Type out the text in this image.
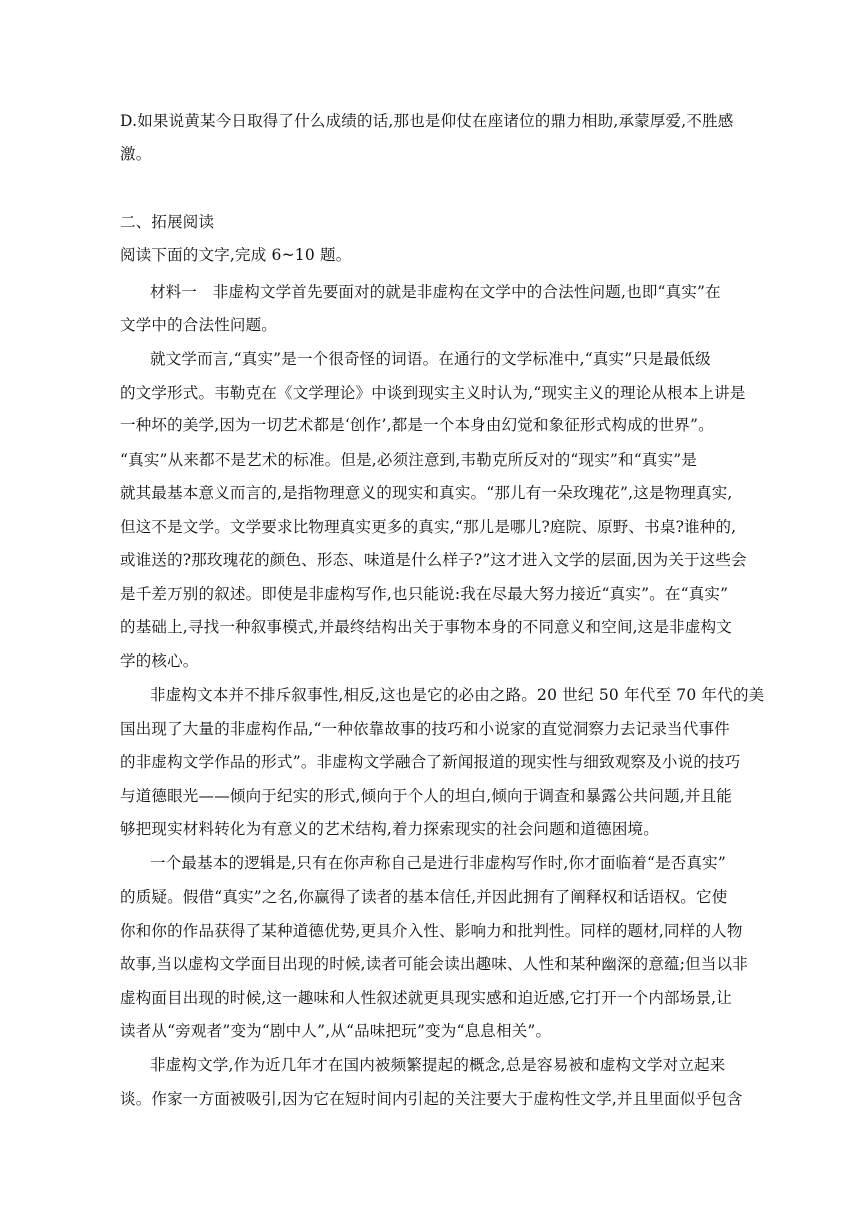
D.如果说黄某今日取得了什么成绩的话,那也是仰仗在座诸位的鼎力相助,承蒙厚爱,不胜感
激。
二、拓展阅读
阅读下面的文字,完成 6~10 题。
材料一　非虚构文学首先要面对的就是非虚构在文学中的合法性问题,也即“真实”在
文学中的合法性问题。
就文学而言,“真实”是一个很奇怪的词语。在通行的文学标准中,“真实”只是最低级
的文学形式。韦勒克在《文学理论》中谈到现实主义时认为,“现实主义的理论从根本上讲是
一种坏的美学,因为一切艺术都是‘创作’,都是一个本身由幻觉和象征形式构成的世界”。
“真实”从来都不是艺术的标准。但是,必须注意到,韦勒克所反对的“现实”和“真实”是
就其最基本意义而言的,是指物理意义的现实和真实。“那儿有一朵玫瑰花”,这是物理真实,
但这不是文学。文学要求比物理真实更多的真实,“那儿是哪儿?庭院、原野、书桌?谁种的,
或谁送的?那玫瑰花的颜色、形态、味道是什么样子?”这才进入文学的层面,因为关于这些会
是千差万别的叙述。即使是非虚构写作,也只能说:我在尽最大努力接近“真实”。在“真实”
的基础上,寻找一种叙事模式,并最终结构出关于事物本身的不同意义和空间,这是非虚构文
学的核心。
非虚构文本并不排斥叙事性,相反,这也是它的必由之路。20 世纪 50 年代至 70 年代的美
国出现了大量的非虚构作品,“一种依靠故事的技巧和小说家的直觉洞察力去记录当代事件
的非虚构文学作品的形式”。非虚构文学融合了新闻报道的现实性与细致观察及小说的技巧
与道德眼光——倾向于纪实的形式,倾向于个人的坦白,倾向于调查和暴露公共问题,并且能
够把现实材料转化为有意义的艺术结构,着力探索现实的社会问题和道德困境。
一个最基本的逻辑是,只有在你声称自己是进行非虚构写作时,你才面临着“是否真实”
的质疑。假借“真实”之名,你赢得了读者的基本信任,并因此拥有了阐释权和话语权。它使
你和你的作品获得了某种道德优势,更具介入性、影响力和批判性。同样的题材,同样的人物
故事,当以虚构文学面目出现的时候,读者可能会读出趣味、人性和某种幽深的意蕴;但当以非
虚构面目出现的时候,这一趣味和人性叙述就更具现实感和迫近感,它打开一个内部场景,让
读者从“旁观者”变为“剧中人”,从“品味把玩”变为“息息相关”。
非虚构文学,作为近几年才在国内被频繁提起的概念,总是容易被和虚构文学对立起来
谈。作家一方面被吸引,因为它在短时间内引起的关注要大于虚构性文学,并且里面似乎包含
